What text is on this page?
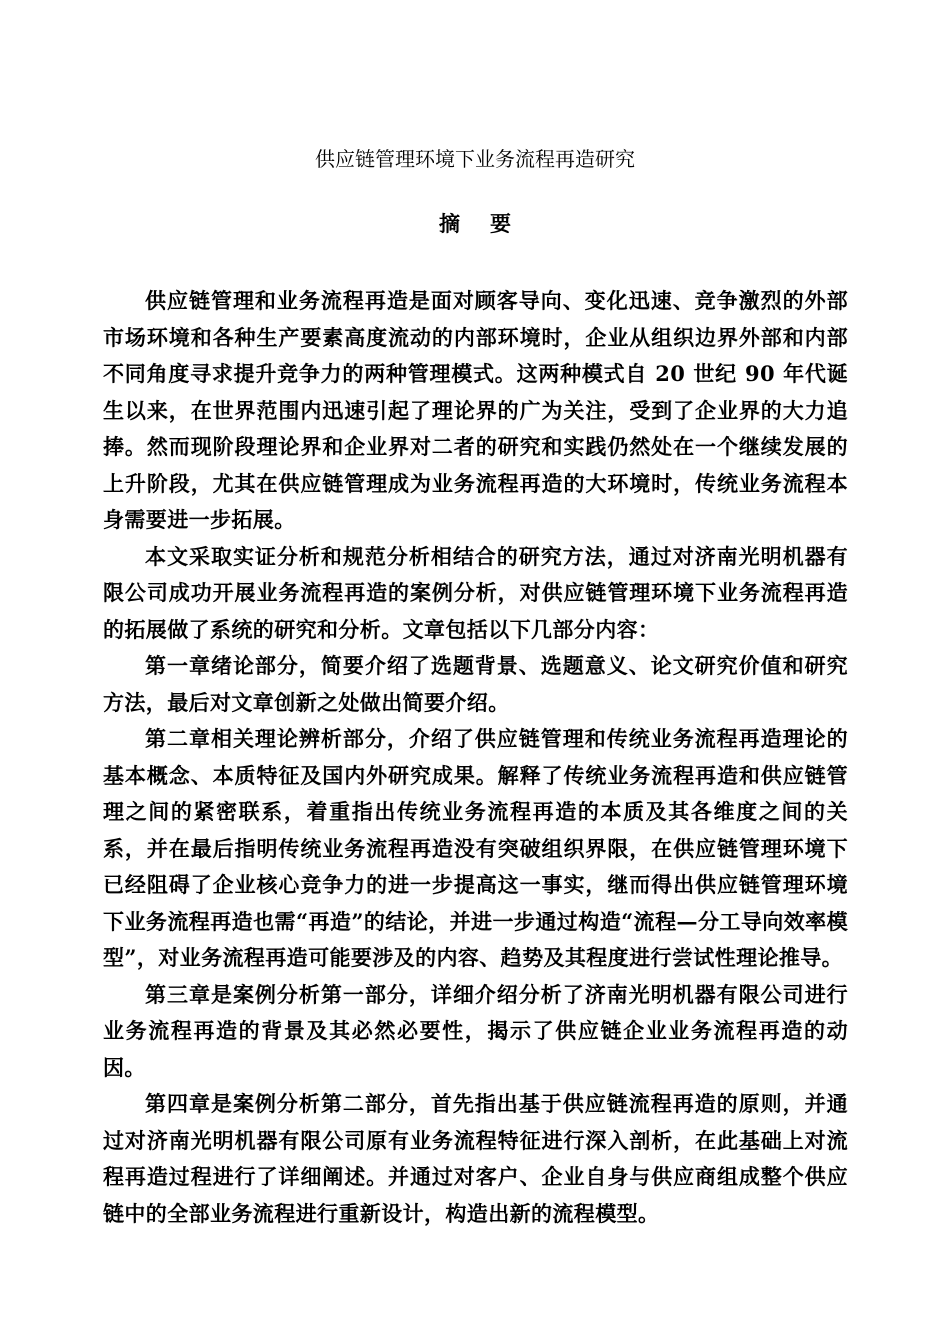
供应链管理环境下业务流程再造研究
摘要

供应链管理和业务流程再造是面对顾客导向、变化迅速、竞争激烈的外部市场环境和各种生产要素高度流动的内部环境时，企业从组织边界外部和内部不同角度寻求提升竞争力的两种管理模式。这两种模式自 20 世纪 90 年代诞生以来，在世界范围内迅速引起了理论界的广为关注，受到了企业界的大力追捧。然而现阶段理论界和企业界对二者的研究和实践仍然处在一个继续发展的上升阶段，尤其在供应链管理成为业务流程再造的大环境时，传统业务流程本身需要进一步拓展。

本文采取实证分析和规范分析相结合的研究方法，通过对济南光明机器有限公司成功开展业务流程再造的案例分析，对供应链管理环境下业务流程再造的拓展做了系统的研究和分析。文章包括以下几部分内容：

第一章绪论部分，简要介绍了选题背景、选题意义、论文研究价值和研究方法，最后对文章创新之处做出简要介绍。

第二章相关理论辨析部分，介绍了供应链管理和传统业务流程再造理论的基本概念、本质特征及国内外研究成果。解释了传统业务流程再造和供应链管理之间的紧密联系，着重指出传统业务流程再造的本质及其各维度之间的关系，并在最后指明传统业务流程再造没有突破组织界限，在供应链管理环境下已经阻碍了企业核心竞争力的进一步提高这一事实，继而得出供应链管理环境下业务流程再造也需“再造”的结论，并进一步通过构造“流程—分工导向效率模型”，对业务流程再造可能要涉及的内容、趋势及其程度进行尝试性理论推导。

第三章是案例分析第一部分，详细介绍分析了济南光明机器有限公司进行业务流程再造的背景及其必然必要性，揭示了供应链企业业务流程再造的动因。

第四章是案例分析第二部分，首先指出基于供应链流程再造的原则，并通过对济南光明机器有限公司原有业务流程特征进行深入剖析，在此基础上对流程再造过程进行了详细阐述。并通过对客户、企业自身与供应商组成整个供应链中的全部业务流程进行重新设计，构造出新的流程模型。
